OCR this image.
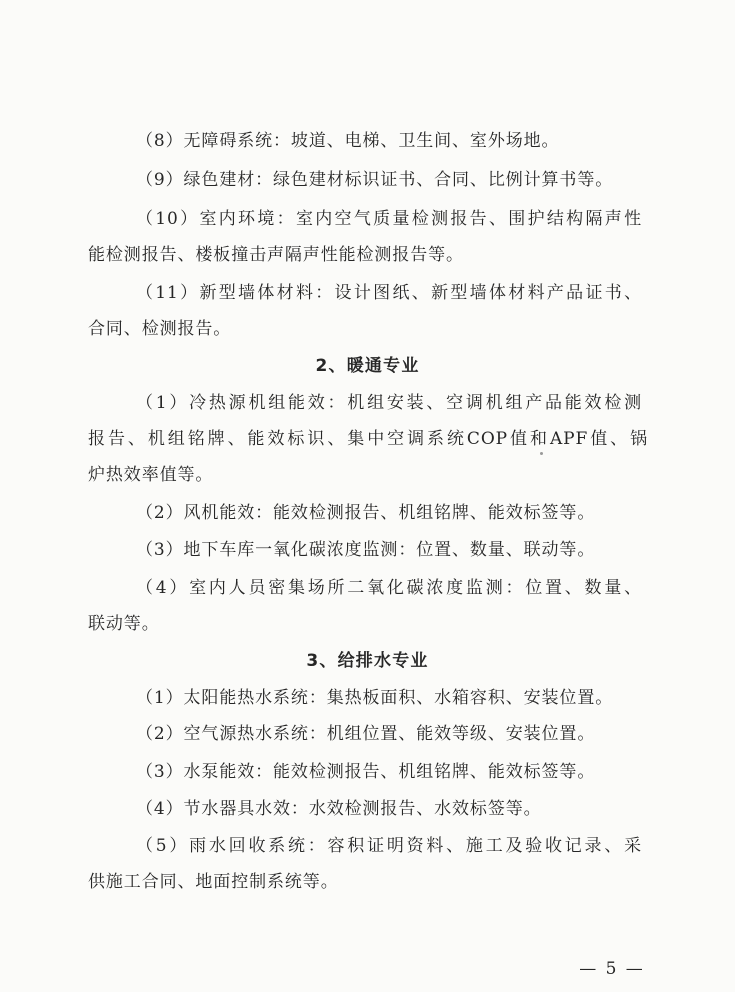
（8）无障碍系统：坡道、电梯、卫生间、室外场地。
（9）绿色建材：绿色建材标识证书、合同、比例计算书等。
（10）室内环境：室内空气质量检测报告、围护结构隔声性
能检测报告、楼板撞击声隔声性能检测报告等。
（11）新型墙体材料：设计图纸、新型墙体材料产品证书、
合同、检测报告。
2、暖通专业
（1）冷热源机组能效：机组安装、空调机组产品能效检测
报告、机组铭牌、能效标识、集中空调系统COP值和APF值、锅
炉热效率值等。
（2）风机能效：能效检测报告、机组铭牌、能效标签等。
（3）地下车库一氧化碳浓度监测：位置、数量、联动等。
（4）室内人员密集场所二氧化碳浓度监测：位置、数量、
联动等。
3、给排水专业
（1）太阳能热水系统：集热板面积、水箱容积、安装位置。
（2）空气源热水系统：机组位置、能效等级、安装位置。
（3）水泵能效：能效检测报告、机组铭牌、能效标签等。
（4）节水器具水效：水效检测报告、水效标签等。
（5）雨水回收系统：容积证明资料、施工及验收记录、采
供施工合同、地面控制系统等。
— 5 —
